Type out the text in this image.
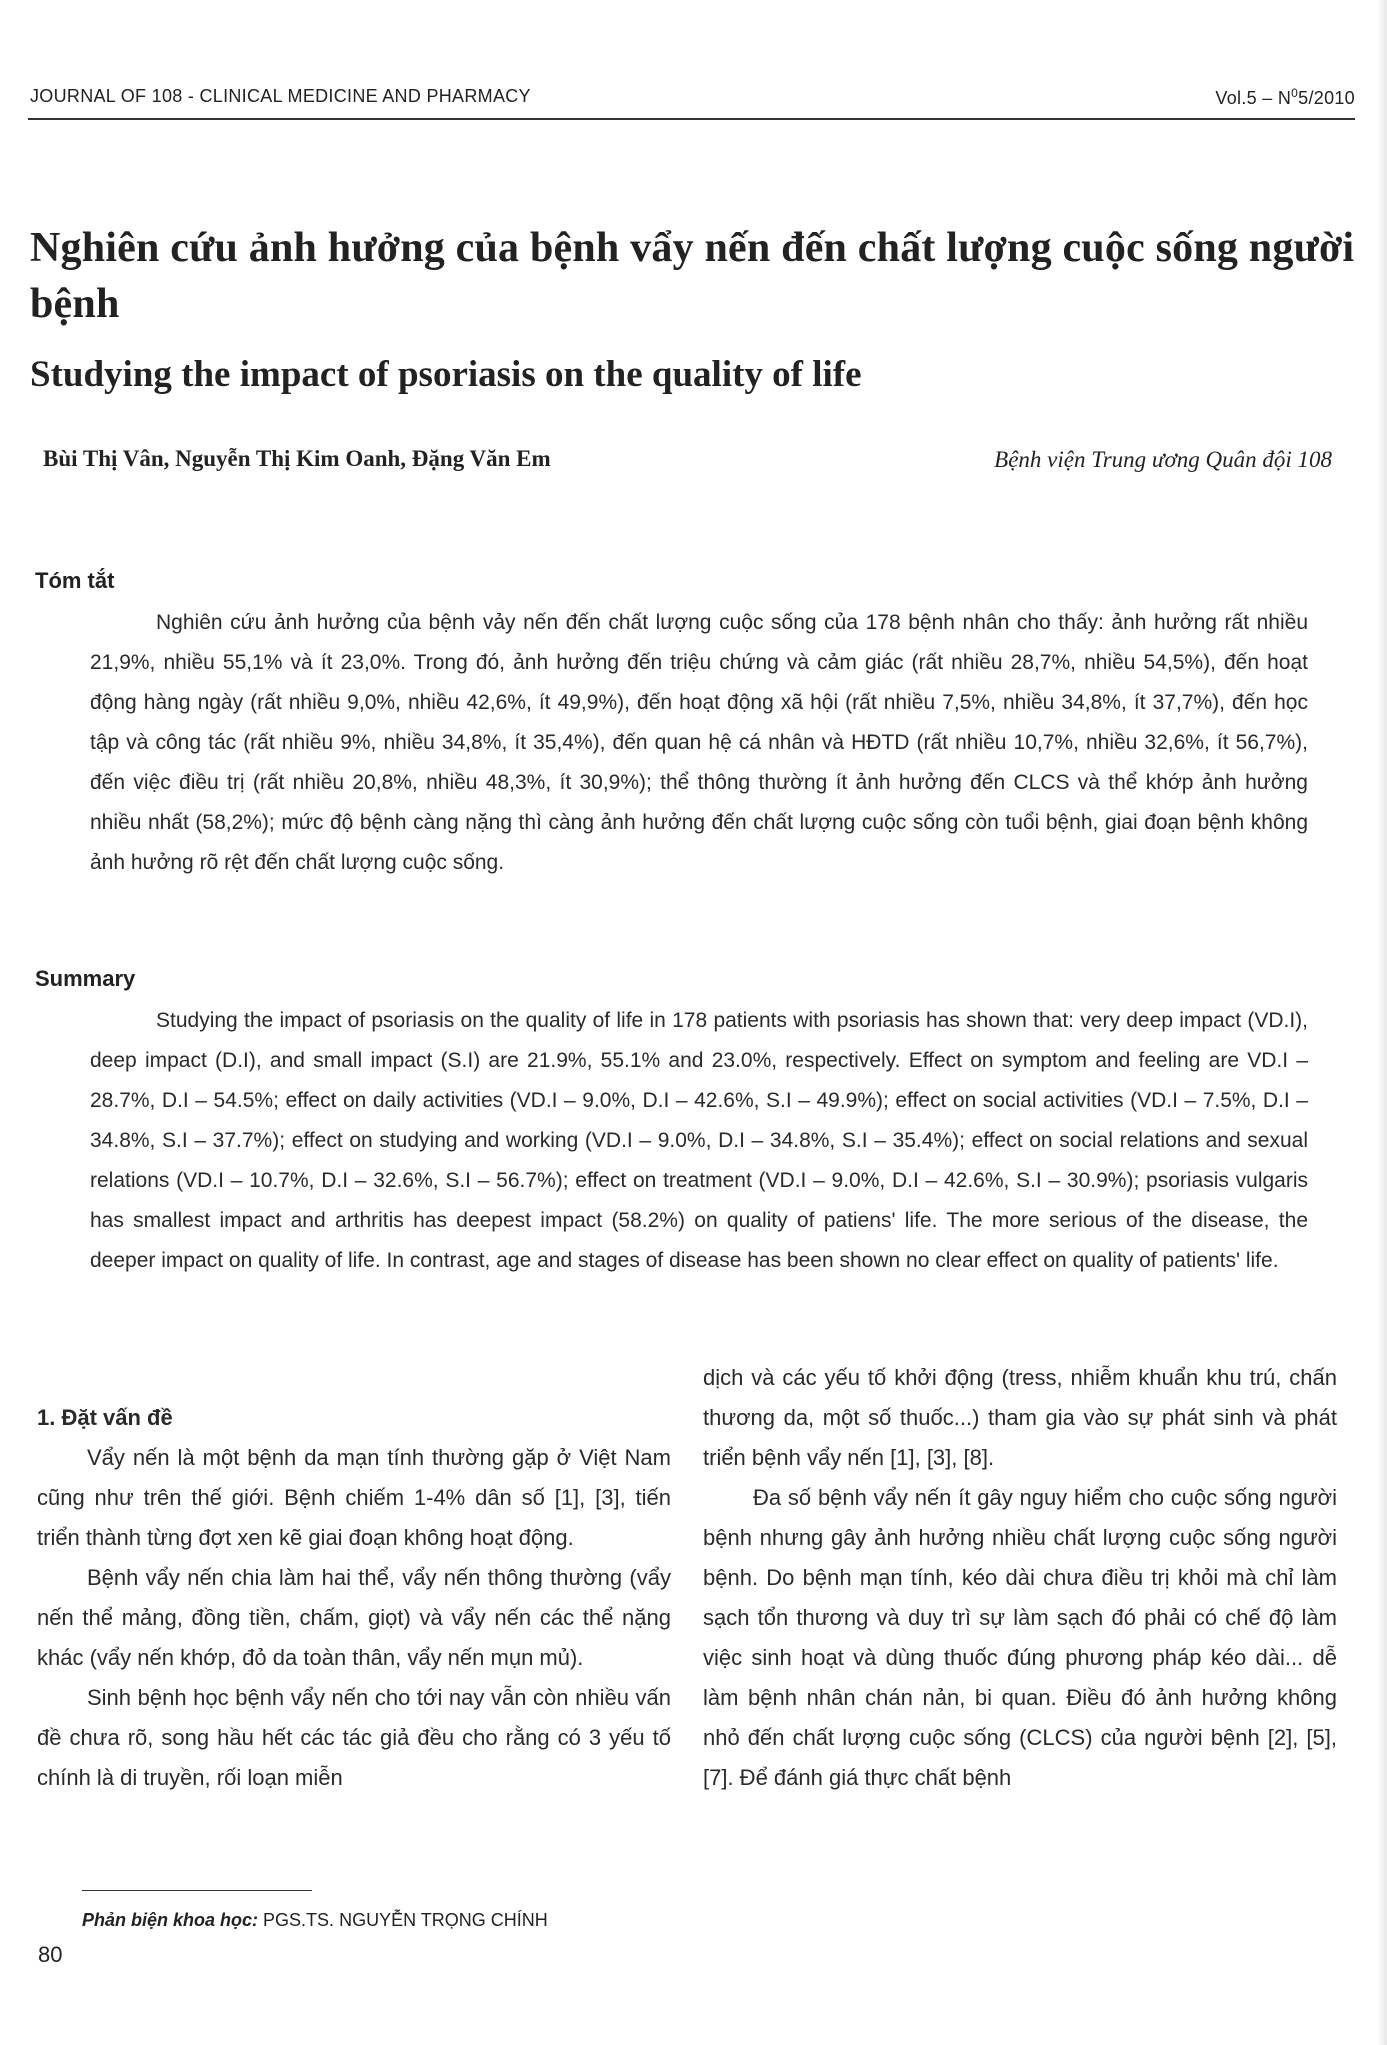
JOURNAL OF 108 - CLINICAL MEDICINE AND PHARMACY	$Vol.5 - N^05/2010$
Nghiên cứu ảnh hưởng của bệnh vẩy nến đến chất lượng cuộc sống người bệnh
Studying the impact of psoriasis on the quality of life
Bùi Thị Vân, Nguyễn Thị Kim Oanh, Đặng Văn Em	Bệnh viện Trung ương Quân đội 108
Tóm tắt

Nghiên cứu ảnh hưởng của bệnh vảy nến đến chất lượng cuộc sống của 178 bệnh nhân cho thấy: ảnh hưởng rất nhiều 21,9%, nhiều 55,1% và ít 23,0%. Trong đó, ảnh hưởng đến triệu chứng và cảm giác (rất nhiều 28,7%, nhiều 54,5%), đến hoạt động hàng ngày (rất nhiều 9,0%, nhiều 42,6%, ít 49,9%), đến hoạt động xã hội (rất nhiều 7,5%, nhiều 34,8%, ít 37,7%), đến học tập và công tác (rất nhiều 9%, nhiều 34,8%, ít 35,4%), đến quan hệ cá nhân và HĐTD (rất nhiều 10,7%, nhiều 32,6%, ít 56,7%), đến việc điều trị (rất nhiều 20,8%, nhiều 48,3%, ít 30,9%); thể thông thường ít ảnh hưởng đến CLCS và thể khớp ảnh hưởng nhiều nhất (58,2%); mức độ bệnh càng nặng thì càng ảnh hưởng đến chất lượng cuộc sống còn tuổi bệnh, giai đoạn bệnh không ảnh hưởng rõ rệt đến chất lượng cuộc sống.

Summary

Studying the impact of psoriasis on the quality of life in 178 patients with psoriasis has shown that: very deep impact (VD.I), deep impact (D.I), and small impact (S.I) are 21.9%, 55.1% and 23.0%, respectively. Effect on symptom and feeling are VD.I – 28.7%, D.I – 54.5%; effect on daily activities (VD.I – 9.0%, D.I – 42.6%, S.I – 49.9%); effect on social activities (VD.I – 7.5%, D.I – 34.8%, S.I – 37.7%); effect on studying and working (VD.I – 9.0%, D.I – 34.8%, S.I – 35.4%); effect on social relations and sexual relations (VD.I – 10.7%, D.I – 32.6%, S.I – 56.7%); effect on treatment (VD.I – 9.0%, D.I – 42.6%, S.I – 30.9%); psoriasis vulgaris has smallest impact and arthritis has deepest impact (58.2%) on quality of patiens' life. The more serious of the disease, the deeper impact on quality of life. In contrast, age and stages of disease has been shown no clear effect on quality of patients' life.

1. Đặt vấn đề

Vẩy nến là một bệnh da mạn tính thường gặp ở Việt Nam cũng như trên thế giới. Bệnh chiếm 1-4% dân số [1], [3], tiến triển thành từng đợt xen kẽ giai đoạn không hoạt động.

Bệnh vẩy nến chia làm hai thể, vẩy nến thông thường (vẩy nến thể mảng, đồng tiền, chấm, giọt) và vẩy nến các thể nặng khác (vẩy nến khớp, đỏ da toàn thân, vẩy nến mụn mủ).

Sinh bệnh học bệnh vẩy nến cho tới nay vẫn còn nhiều vấn đề chưa rõ, song hầu hết các tác giả đều cho rằng có 3 yếu tố chính là di truyền, rối loạn miễn

dịch và các yếu tố khởi động (tress, nhiễm khuẩn khu trú, chấn thương da, một số thuốc...) tham gia vào sự phát sinh và phát triển bệnh vẩy nến [1], [3], [8].

Đa số bệnh vẩy nến ít gây nguy hiểm cho cuộc sống người bệnh nhưng gây ảnh hưởng nhiều chất lượng cuộc sống người bệnh. Do bệnh mạn tính, kéo dài chưa điều trị khỏi mà chỉ làm sạch tổn thương và duy trì sự làm sạch đó phải có chế độ làm việc sinh hoạt và dùng thuốc đúng phương pháp kéo dài... dễ làm bệnh nhân chán nản, bi quan. Điều đó ảnh hưởng không nhỏ đến chất lượng cuộc sống (CLCS) của người bệnh [2], [5], [7]. Để đánh giá thực chất bệnh

Phản biện khoa học: PGS.TS. NGUYỄN TRỌNG CHÍNH
80
